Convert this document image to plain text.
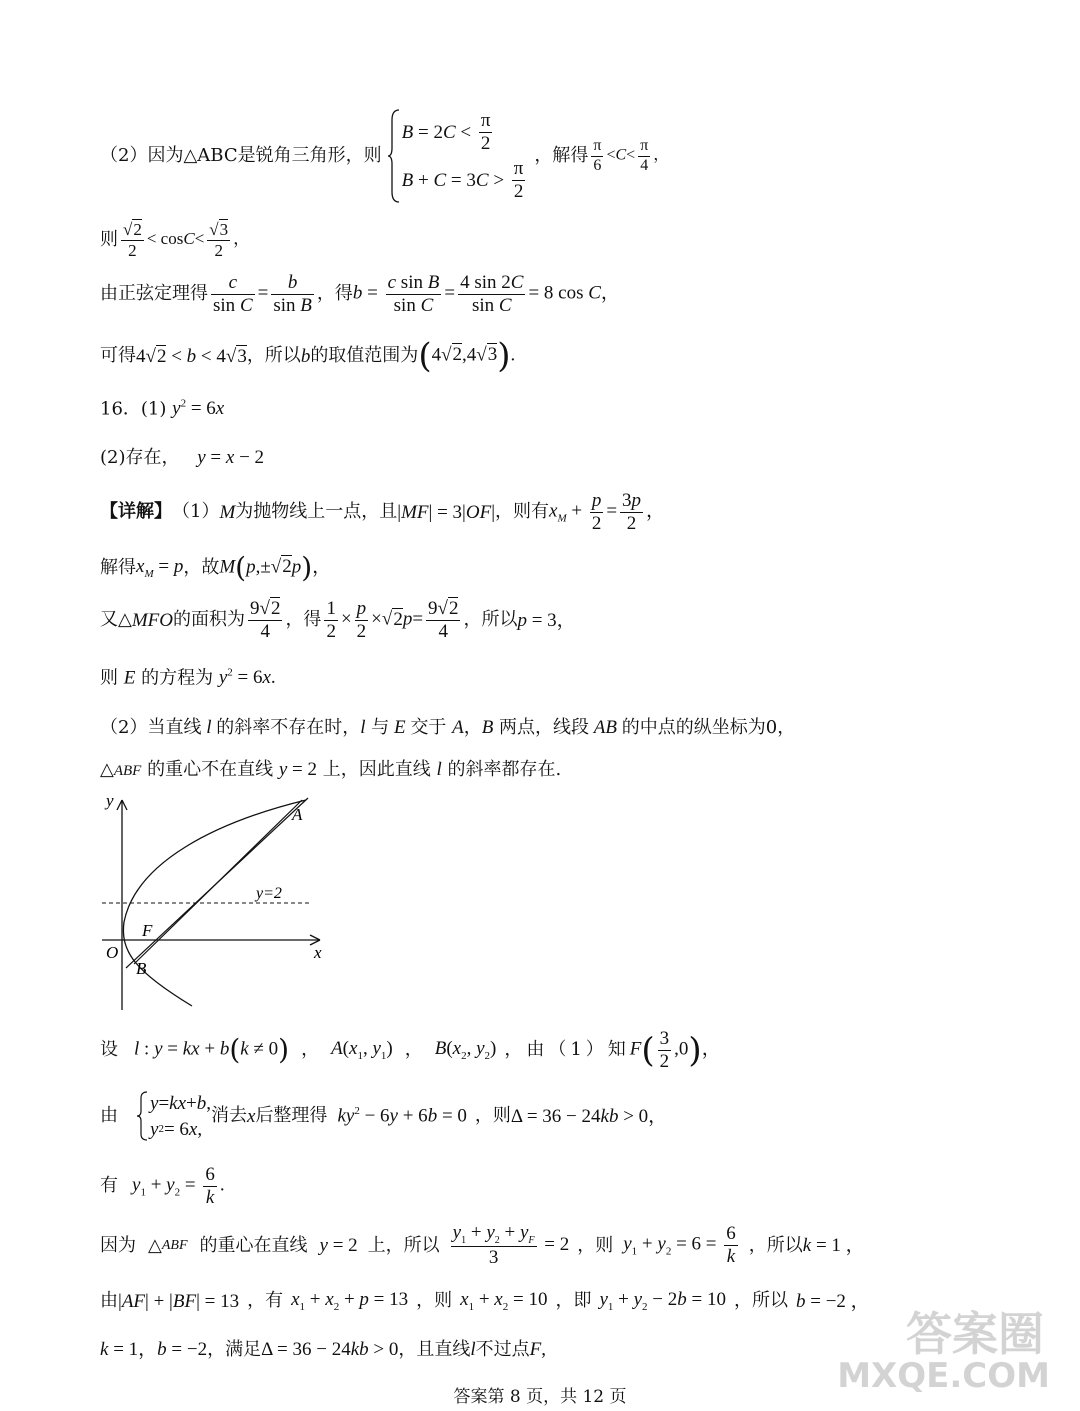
（2）因为△ABC是锐角三角形，则
B = 2 $C < \frac{\pi}{2}$
B + C = 3 $C > \frac{\pi}{2}$
，解得 $\frac{\pi}{6} <C< \frac{\pi}{4}$ ，
则 $\frac{√2}{2} < \cos C< \frac{√3}{2}$ ，
由正弦定理得 $\frac{c}{\text{sin C}} = \frac{b}{\text{sin B}}$ ，得 $b = \frac{\text{c sin B}}{\text{sin C}} = \frac{4 \sin 2C}{\text{sin C}} = 8$ cos C，
可得 4√2 < b < 4√3 ，所以 b 的取值范围为 (4√2,4√3).
16．(1) $y^2 = 6x$
(2)存在， y = x − 2
【详解】 （1） M 为抛物线上一点，且 |MF| = 3|OF| ，则有 $x_M + \frac{p}{2} = \frac{3p}{2}$ ，
解得 $x_M = p$ ，故 M(p,±√2p)，
又△ MFO 的面积为 $\frac{9√2}{4}$ ，得 $\frac{1}{2} \times \frac{p}{2} \times√2p= \frac{9√2}{4}$ ，所以 p = 3，
则 E 的方程为 $y^2 = 6x$.
（2）当直线 l 的斜率不存在时，l 与 E 交于 A，B 两点，线段 AB 的中点的纵坐标为0，
△ABF 的重心不在直线 y = 2 上，因此直线 l 的斜率都存在.
y
x
O
A
B
F
y=2
设 l : y = kx + b(k ≠ 0) ， $A(x_1$, $y_1$) ， $B(x_2$, $y_2$) ，由（1）知 $F( \frac{3}{2} ,0)$，
由
y = kx + b ,
y 2 = 6 x ,
消去 x 后整理得 $ky^2 - 6y + 6b = 0$ ，则 Δ = 36 − 24kb > 0，
有 $y_1 + y_2 = \frac{6}{k}$ .
因为 △ ABF 的重心在直线 y = 2 上，所以 $\frac{y_1 + y_2 + y_F}{3} = 2$ ，则 $y_1 + y_2 = 6 = \frac{6}{k}$ ，所以 k = 1 ，
由 |AF| + |BF| = 13 ，有 $x_1 + x_2 + p = 13$ ，则 $x_1 + x_2 = 10$ ，即 $y_1 + y_2 - 2b = 10$ ，所以 b = −2 ，
k = 1，b = −2 ，满足 Δ = 36 − 24kb > 0 ，且直线 l 不过点 F,
答案第 8 页，共 12 页
答案圈
MXQE.COM
